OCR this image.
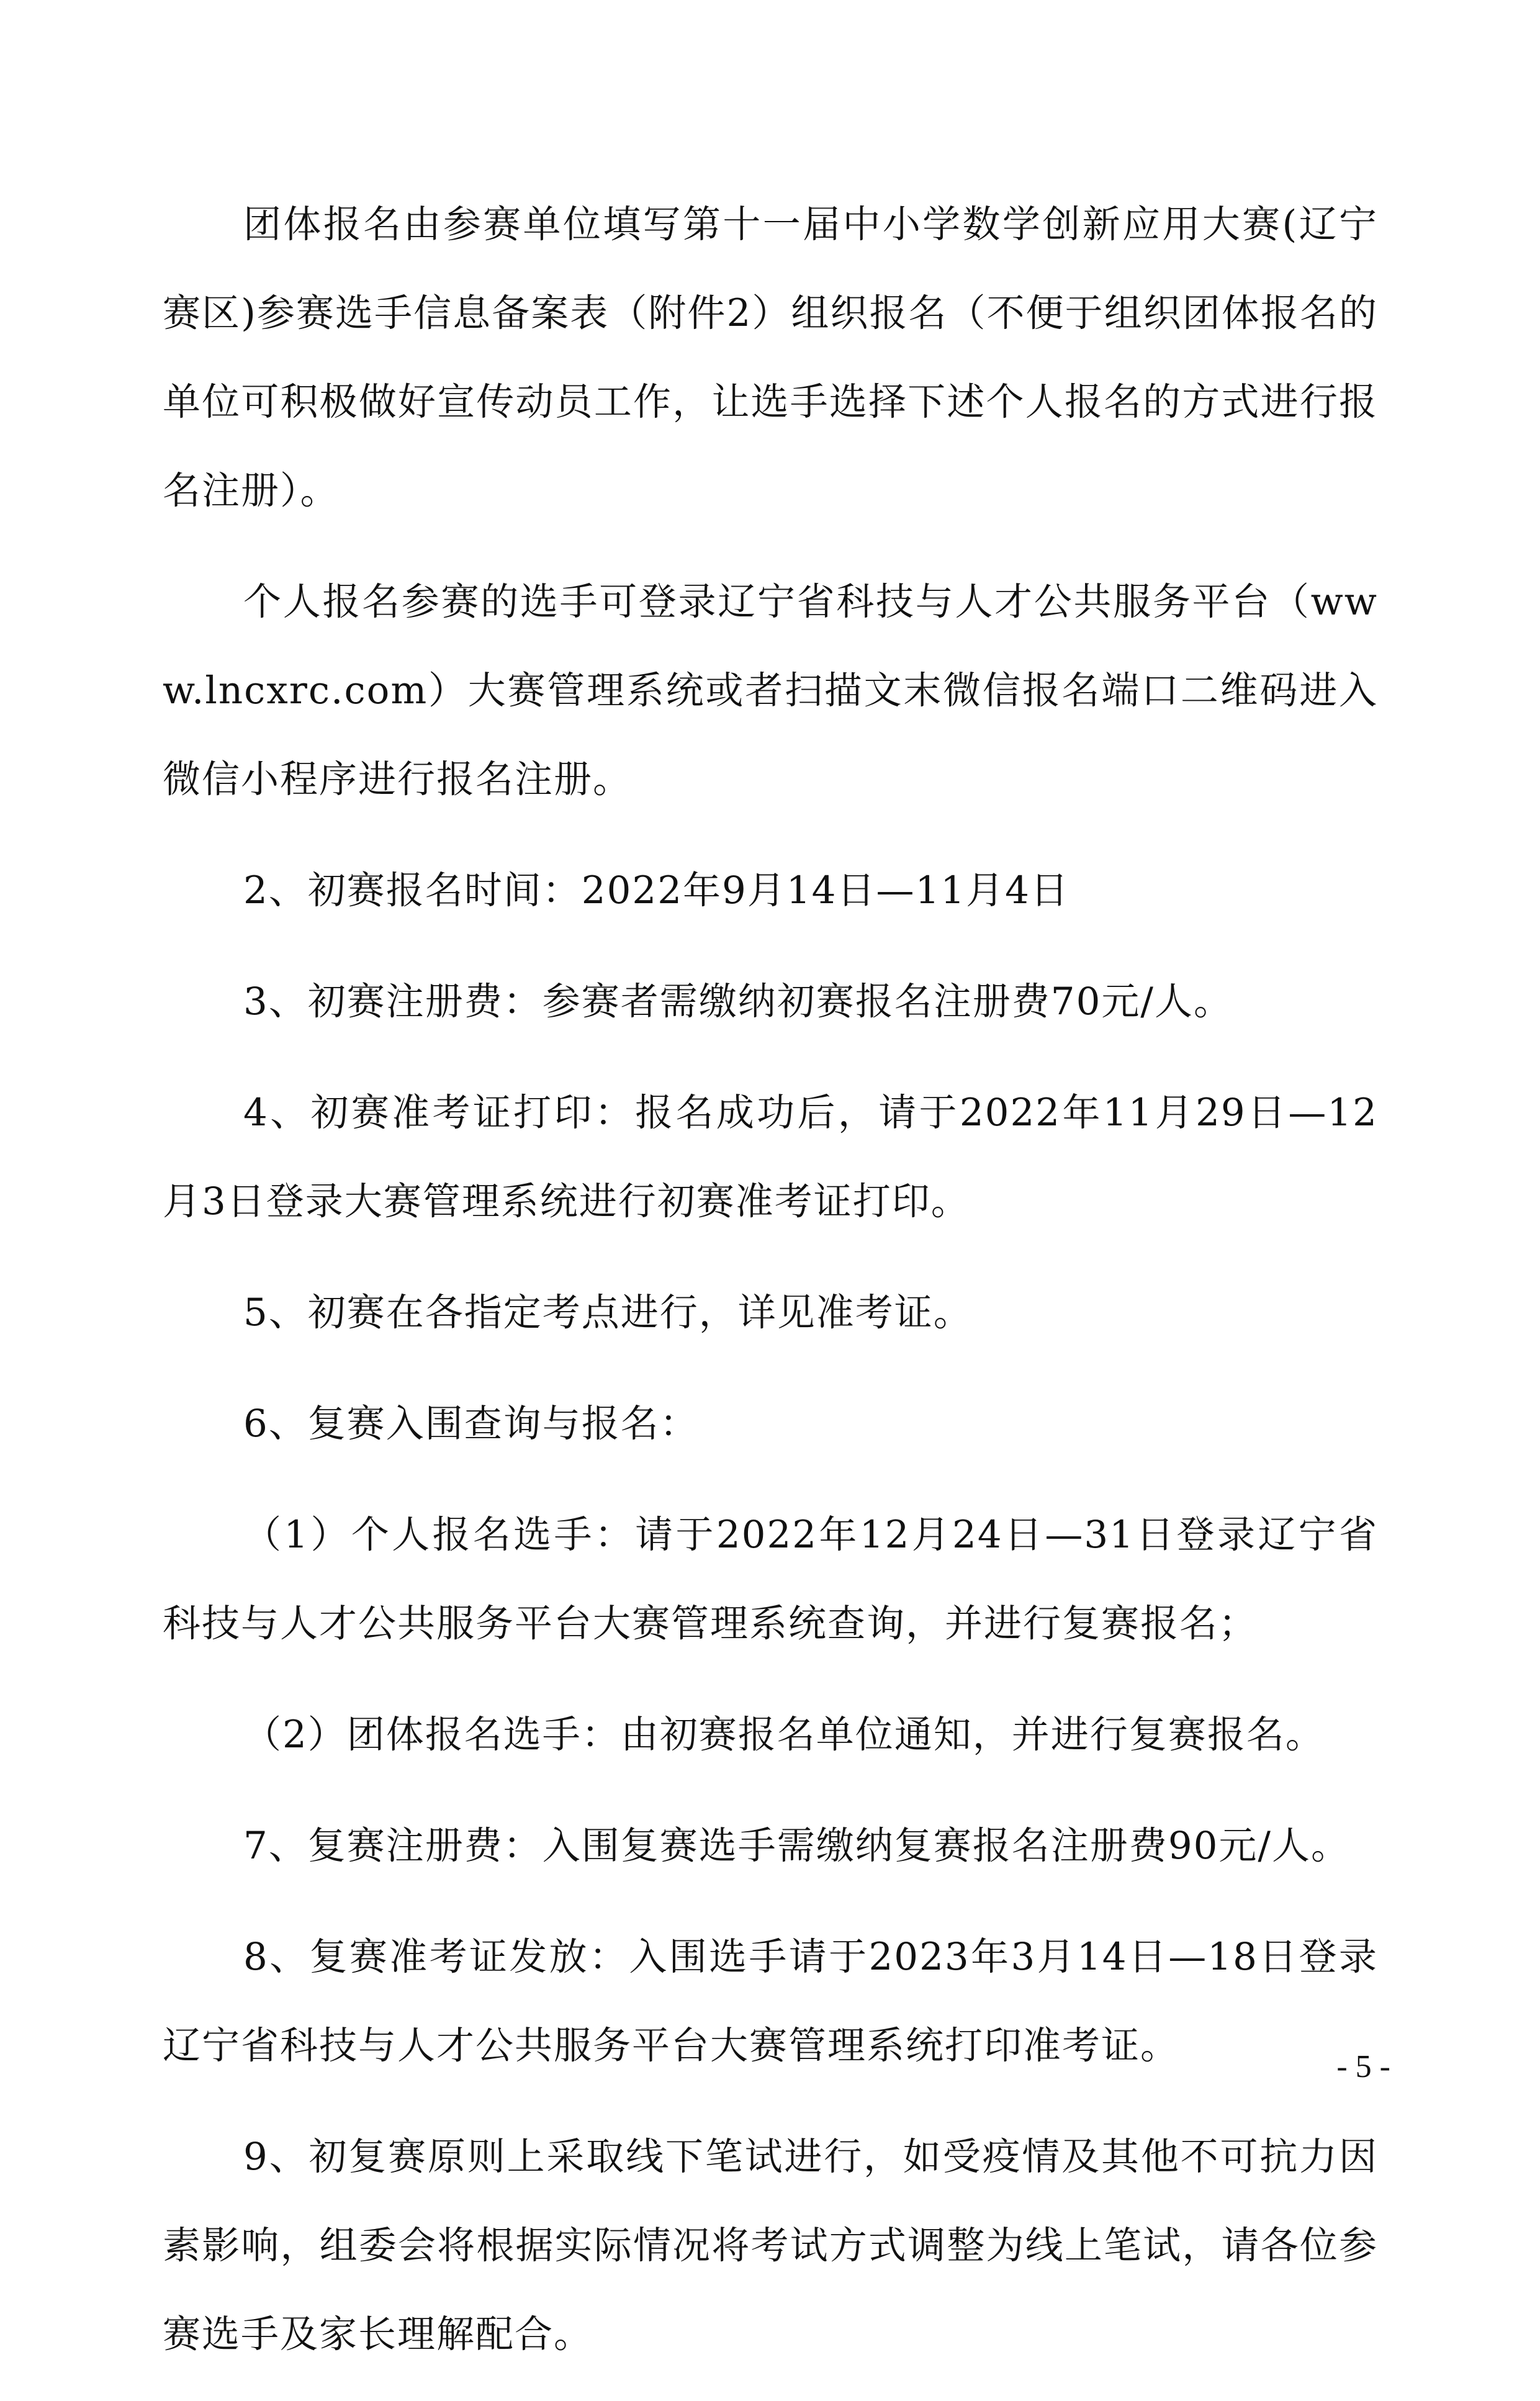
团体报名由参赛单位填写第十一届中小学数学创新应用大赛(辽宁赛区)参赛选手信息备案表（附件2）组织报名（不便于组织团体报名的单位可积极做好宣传动员工作，让选手选择下述个人报名的方式进行报名注册）。

个人报名参赛的选手可登录辽宁省科技与人才公共服务平台（www.lncxrc.com）大赛管理系统或者扫描文末微信报名端口二维码进入微信小程序进行报名注册。

2、初赛报名时间：2022年9月14日—11月4日

3、初赛注册费：参赛者需缴纳初赛报名注册费70元/人。

4、初赛准考证打印：报名成功后，请于2022年11月29日—12月3日登录大赛管理系统进行初赛准考证打印。

5、初赛在各指定考点进行，详见准考证。

6、复赛入围查询与报名：

（1）个人报名选手：请于2022年12月24日—31日登录辽宁省科技与人才公共服务平台大赛管理系统查询，并进行复赛报名；

（2）团体报名选手：由初赛报名单位通知，并进行复赛报名。

7、复赛注册费：入围复赛选手需缴纳复赛报名注册费90元/人。

8、复赛准考证发放：入围选手请于2023年3月14日—18日登录辽宁省科技与人才公共服务平台大赛管理系统打印准考证。

9、初复赛原则上采取线下笔试进行，如受疫情及其他不可抗力因素影响，组委会将根据实际情况将考试方式调整为线上笔试，请各位参赛选手及家长理解配合。

- 5 -
